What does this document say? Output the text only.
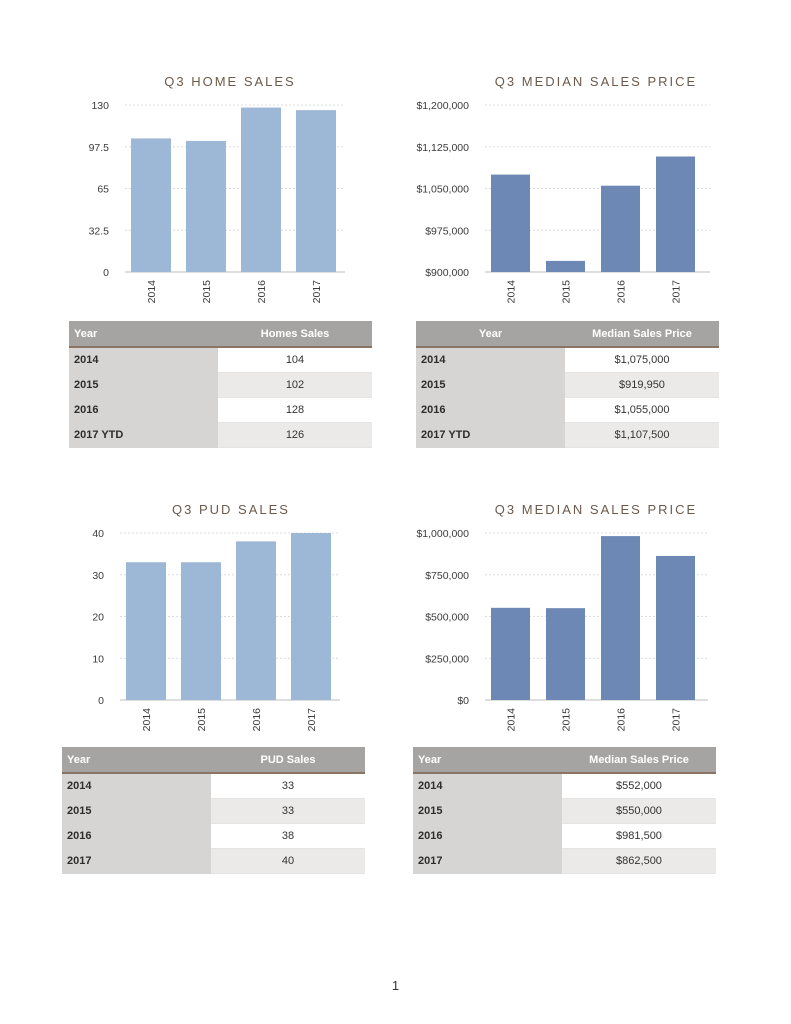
Q3 HOME SALES	Q3 MEDIAN SALES PRICE
Q3 PUD SALES	Q3 MEDIAN SALES PRICE
0
32.5
65
97.5
130
2014	2015	2016	2017
$900,000
$975,000
$1,050,000
$1,125,000
$1,200,000
2014	2015	2016	2017
0
10
20
30
40
2014	2015	2016	2017
$0
$250,000
$500,000
$750,000
$1,000,000
2014	2015	2016	2017
Year	Homes Sales
2014	104
2015	102
2016	128
2017 YTD	126
Year	Median Sales Price
2014	$1,075,000
2015	$919,950
2016	$1,055,000
2017 YTD	$1,107,500
Year	PUD Sales
2014	33
2015	33
2016	38
2017	40
Year	Median Sales Price
2014	$552,000
2015	$550,000
2016	$981,500
2017	$862,500
1
